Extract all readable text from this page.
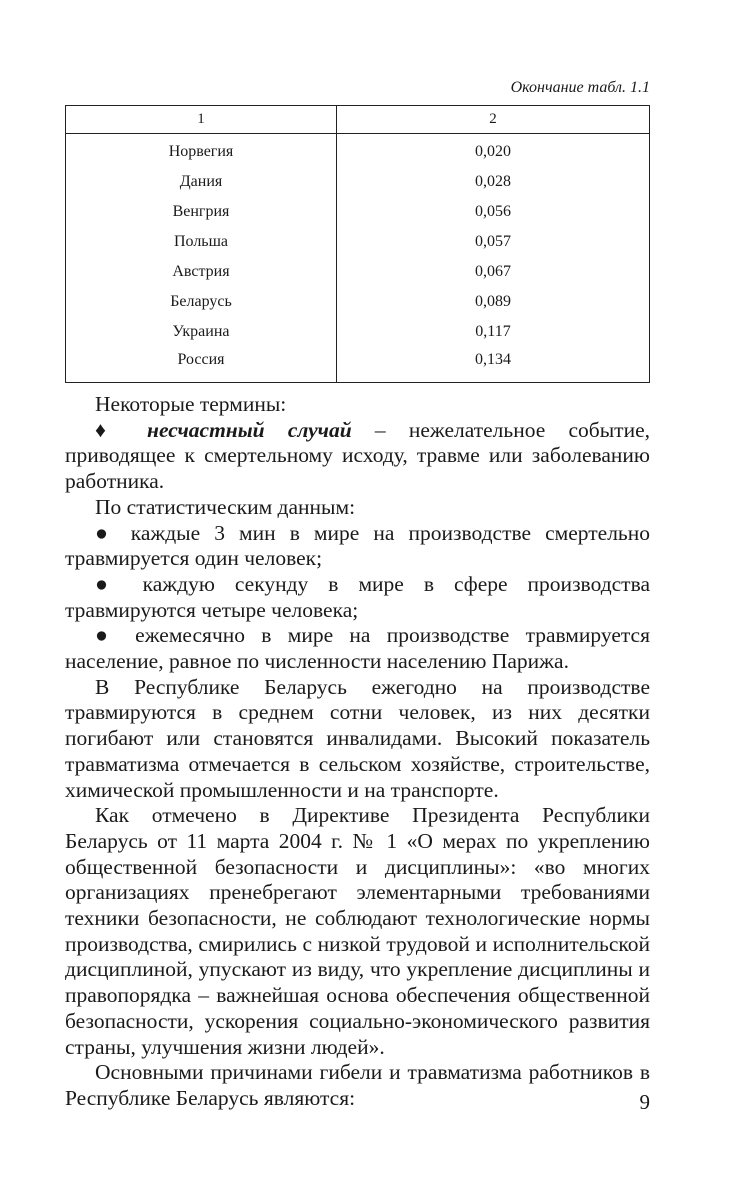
Окончание табл. 1.1
1	2
Норвегия	0,020
Дания	0,028
Венгрия	0,056
Польша	0,057
Австрия	0,067
Беларусь	0,089
Украина	0,117
Россия	0,134

Некоторые термины:

♦ несчастный случай – нежелательное событие, приводящее к смертельному исходу, травме или заболеванию работника.

По статистическим данным:

● каждые 3 мин в мире на производстве смертельно травмируется один человек;

● каждую секунду в мире в сфере производства травмируются четыре человека;

● ежемесячно в мире на производстве травмируется население, равное по численности населению Парижа.

В Республике Беларусь ежегодно на производстве травмируются в среднем сотни человек, из них десятки погибают или становятся инвалидами. Высокий показатель травматизма отмечается в сельском хозяйстве, строительстве, химической промышленности и на транспорте.

Как отмечено в Директиве Президента Республики Беларусь от 11 марта 2004 г. № 1 «О мерах по укреплению общественной безопасности и дисциплины»: «во многих организациях пренебрегают элементарными требованиями техники безопасности, не соблюдают технологические нормы производства, смирились с низкой трудовой и исполнительской дисциплиной, упускают из виду, что укрепление дисциплины и правопорядка – важнейшая основа обеспечения общественной безопасности, ускорения социально-экономического развития страны, улучшения жизни людей».

Основными причинами гибели и травматизма работников в Республике Беларусь являются:	9
